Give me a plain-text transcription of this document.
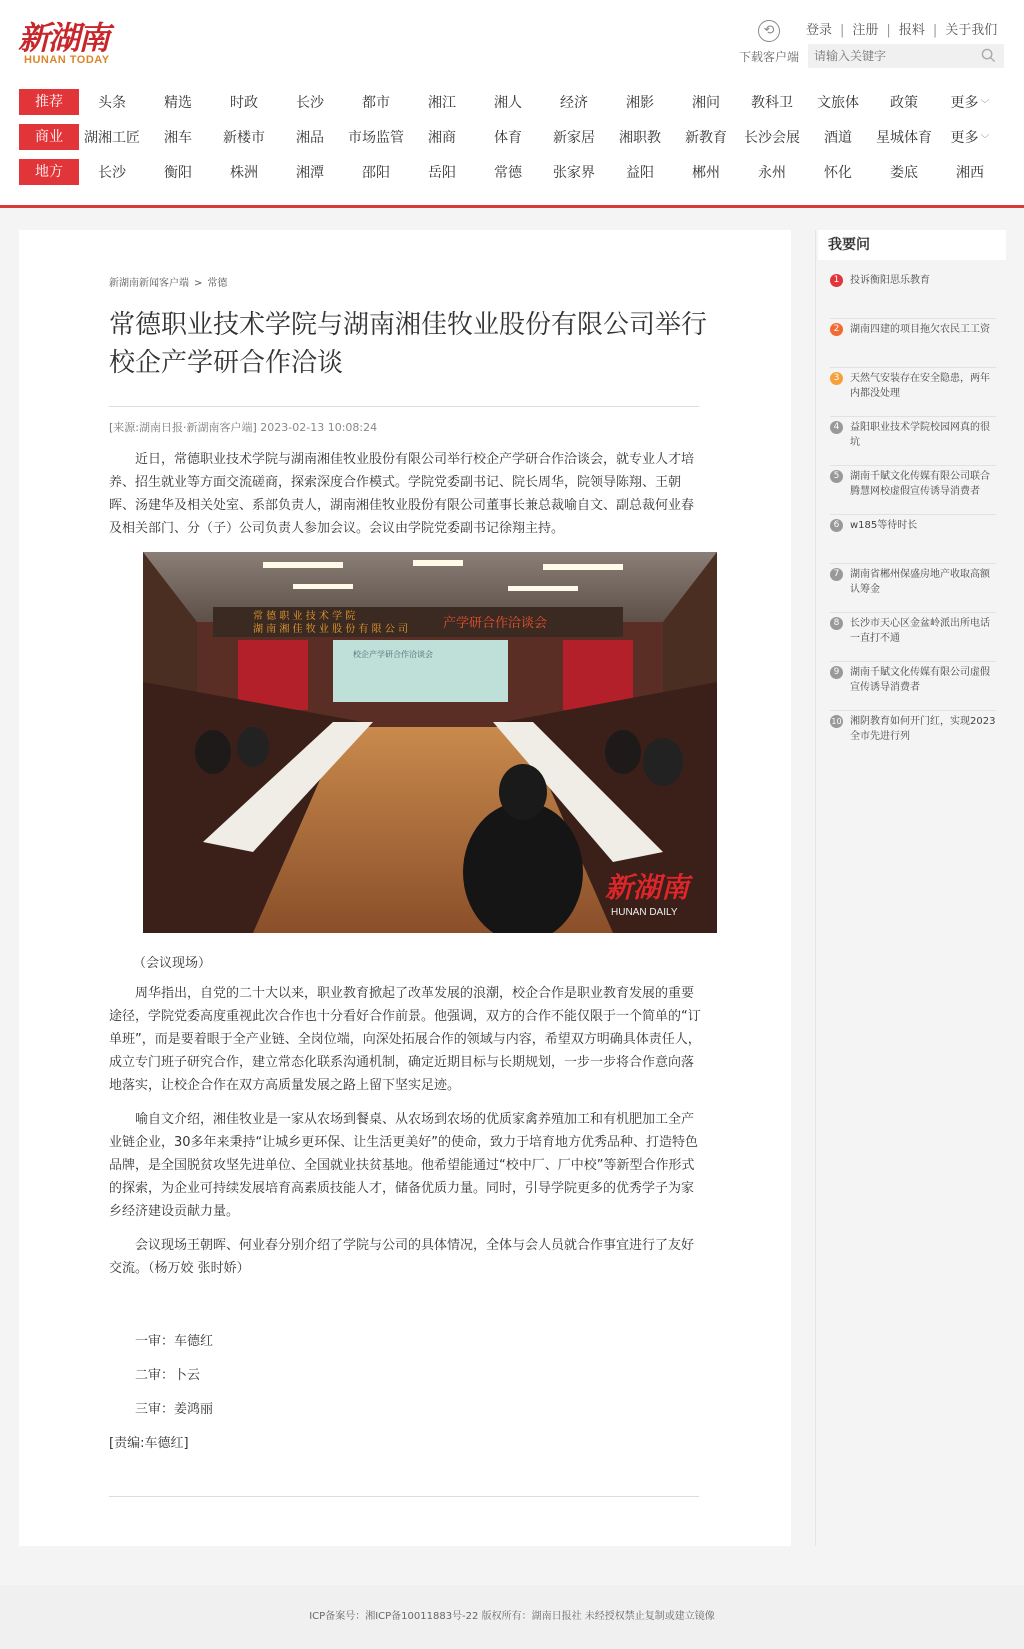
新湖南
HUNAN TODAY
⟲
下载客户端
登录 | 注册 | 报料 | 关于我们
请输入关键字
推荐	头条	精选	时政	长沙	都市	湘江	湘人	经济	湘影	湘问	教科卫	文旅体	政策	更多 ﹀
商业	湖湘工匠	湘车	新楼市	湘品	市场监管	湘商	体育	新家居	湘职教	新教育	长沙会展	酒道	星城体育	更多 ﹀
地方	长沙	衡阳	株洲	湘潭	邵阳	岳阳	常德	张家界	益阳	郴州	永州	怀化	娄底	湘西
新湖南新闻客户端 > 常德
常德职业技术学院与湖南湘佳牧业股份有限公司举行校企产学研合作洽谈
[来源:湖南日报·新湖南客户端] 2023-02-13 10:08:24

近日，常德职业技术学院与湖南湘佳牧业股份有限公司举行校企产学研合作洽谈会，就专业人才培养、招生就业等方面交流磋商，探索深度合作模式。学院党委副书记、院长周华，院领导陈翔、王朝晖、汤建华及相关处室、系部负责人，湖南湘佳牧业股份有限公司董事长兼总裁喻自文、副总裁何业春及相关部门、分（子）公司负责人参加会议。会议由学院党委副书记徐翔主持。

常 德 职 业 技 术 学 院
湖 南 湘 佳 牧 业 股 份 有 限 公 司	产学研合作洽谈会
校企产学研合作洽谈会
新湖南
HUNAN DAILY
（会议现场）

周华指出，自党的二十大以来，职业教育掀起了改革发展的浪潮，校企合作是职业教育发展的重要途径，学院党委高度重视此次合作也十分看好合作前景。他强调，双方的合作不能仅限于一个简单的“订单班”，而是要着眼于全产业链、全岗位端，向深处拓展合作的领域与内容，希望双方明确具体责任人，成立专门班子研究合作，建立常态化联系沟通机制，确定近期目标与长期规划，一步一步将合作意向落地落实，让校企合作在双方高质量发展之路上留下坚实足迹。

喻自文介绍，湘佳牧业是一家从农场到餐桌、从农场到农场的优质家禽养殖加工和有机肥加工全产业链企业，30多年来秉持“让城乡更环保、让生活更美好”的使命，致力于培育地方优秀品种、打造特色品牌，是全国脱贫攻坚先进单位、全国就业扶贫基地。他希望能通过“校中厂、厂中校”等新型合作形式的探索，为企业可持续发展培育高素质技能人才，储备优质力量。同时，引导学院更多的优秀学子为家乡经济建设贡献力量。

会议现场王朝晖、何业春分别介绍了学院与公司的具体情况，全体与会人员就合作事宜进行了友好交流。（杨万姣 张时娇）

一审：车德红
二审：卜云
三审：姜鸿丽
[责编:车德红]
我要问
1	投诉衡阳思乐教育
2	湖南四建的项目拖欠农民工工资
3	天然气安装存在安全隐患，两年内都没处理
4	益阳职业技术学院校园网真的很坑
5	湖南千賦文化传媒有限公司联合腾慧网校虚假宣传诱导消费者
6	w185等待时长
7	湖南省郴州保盛房地产收取高额认筹金
8	长沙市天心区金盆岭派出所电话一直打不通
9	湖南千賦文化传媒有限公司虚假宣传诱导消费者
10 湘阴教育如何开门红，实现2023全市先进行列
ICP备案号：湘ICP备10011883号-22 版权所有：湖南日报社 未经授权禁止复制或建立镜像
